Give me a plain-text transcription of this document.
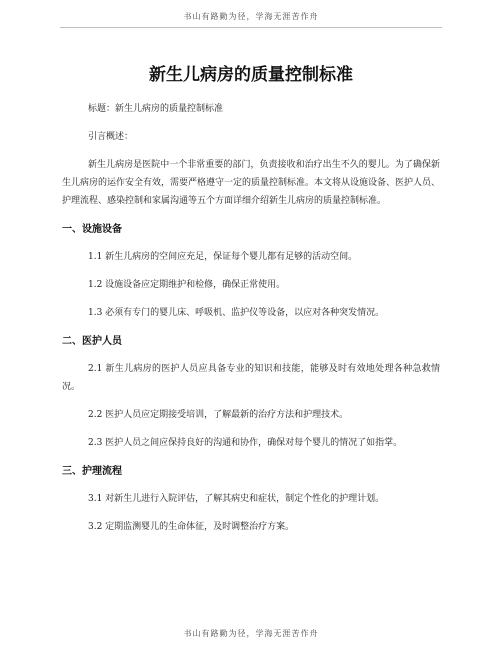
书山有路勤为径，学海无涯苦作舟
新生儿病房的质量控制标准

标题：新生儿病房的质量控制标准

引言概述：

新生儿病房是医院中一个非常重要的部门，负责接收和治疗出生不久的婴儿。为了确保新生儿病房的运作安全有效，需要严格遵守一定的质量控制标准。本文将从设施设备、医护人员、护理流程、感染控制和家属沟通等五个方面详细介绍新生儿病房的质量控制标准。

一、设施设备

1.1 新生儿病房的空间应充足，保证每个婴儿都有足够的活动空间。

1.2 设施设备应定期维护和检修，确保正常使用。

1.3 必须有专门的婴儿床、呼吸机、监护仪等设备，以应对各种突发情况。

二、医护人员

2.1 新生儿病房的医护人员应具备专业的知识和技能，能够及时有效地处理各种急救情况。

2.2 医护人员应定期接受培训，了解最新的治疗方法和护理技术。

2.3 医护人员之间应保持良好的沟通和协作，确保对每个婴儿的情况了如指掌。

三、护理流程

3.1 对新生儿进行入院评估，了解其病史和症状，制定个性化的护理计划。

3.2 定期监测婴儿的生命体征，及时调整治疗方案。

书山有路勤为径，学海无涯苦作舟
